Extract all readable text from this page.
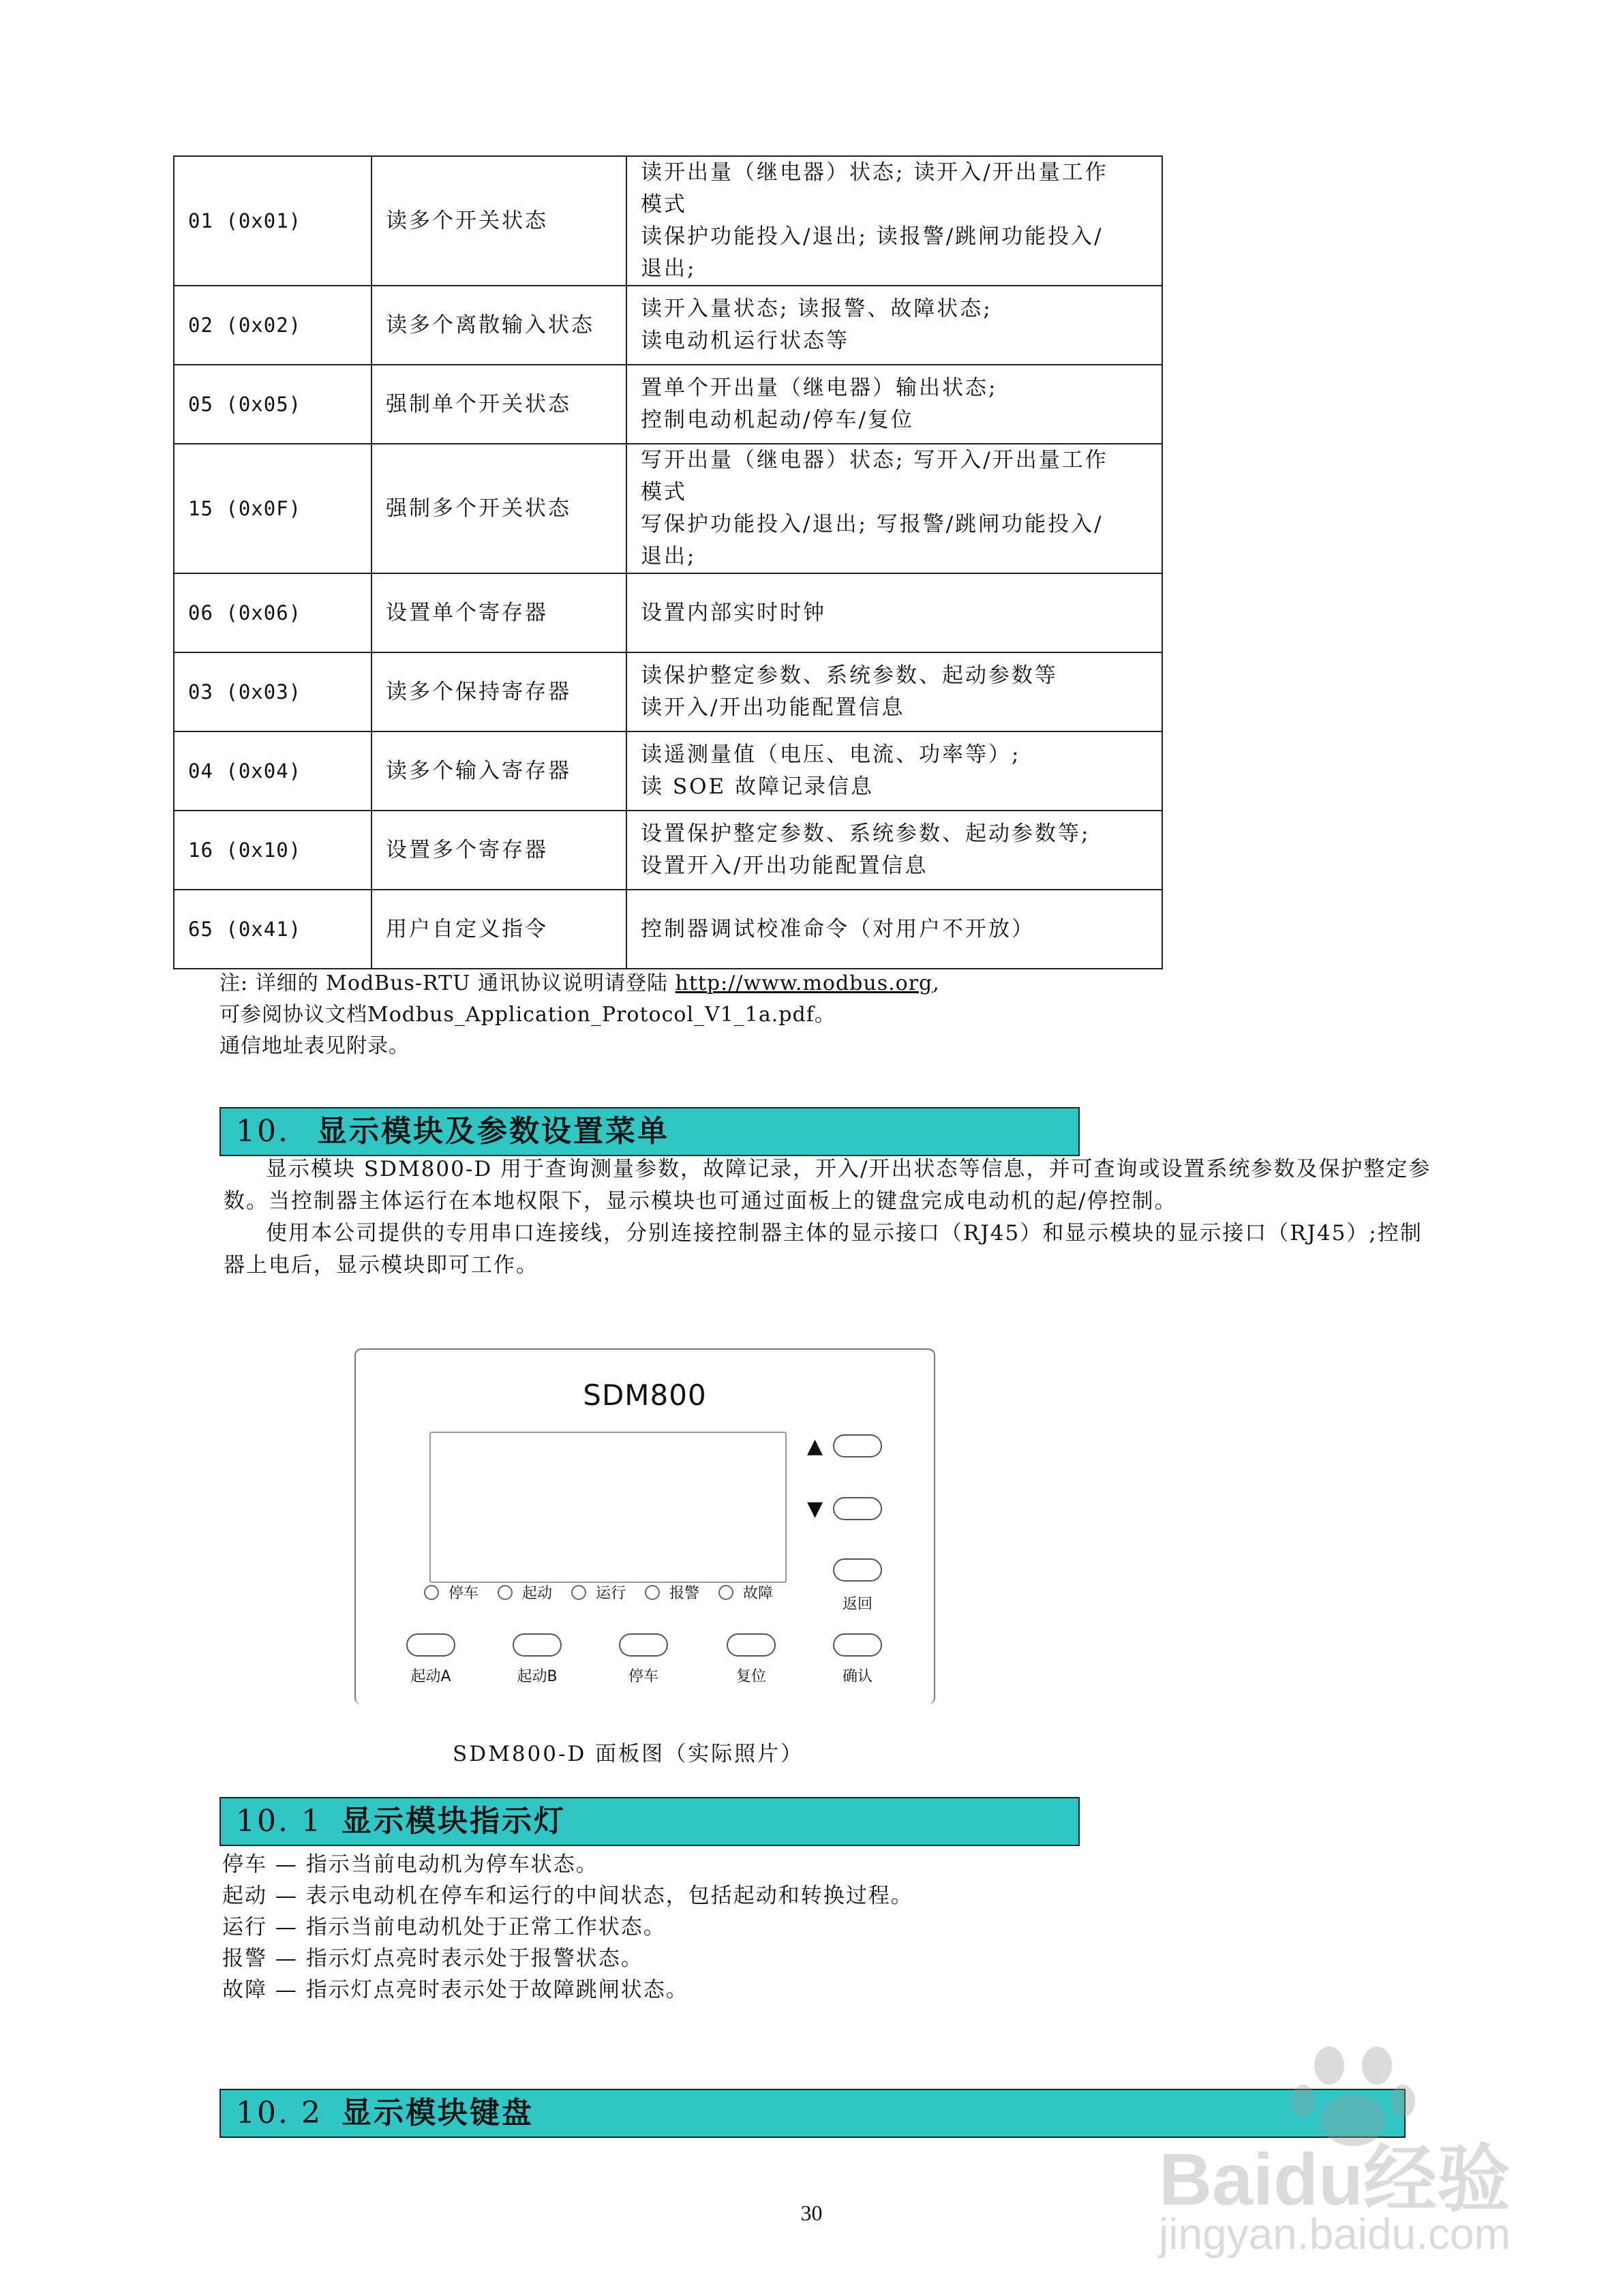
01 (0x01)	读多个开关状态	读开出量（继电器）状态; 读开入/开出量工作
模式
读保护功能投入/退出; 读报警/跳闸功能投入/
退出;

02 (0x02)	读多个离散输入状态	读开入量状态; 读报警、故障状态;
读电动机运行状态等

05 (0x05)	强制单个开关状态	置单个开出量（继电器）输出状态;
控制电动机起动/停车/复位

15 (0x0F)	强制多个开关状态	写开出量（继电器）状态; 写开入/开出量工作
模式
写保护功能投入/退出; 写报警/跳闸功能投入/
退出;

06 (0x06)	设置单个寄存器	设置内部实时时钟

03 (0x03)	读多个保持寄存器	读保护整定参数、系统参数、起动参数等
读开入/开出功能配置信息

04 (0x04)	读多个输入寄存器	读遥测量值（电压、电流、功率等）;
读 SOE 故障记录信息

16 (0x10)	设置多个寄存器	设置保护整定参数、系统参数、起动参数等;
设置开入/开出功能配置信息

65 (0x41)	用户自定义指令	控制器调试校准命令（对用户不开放）
注: 详细的 ModBus-RTU 通讯协议说明请登陆 http://www.modbus.org,
可参阅协议文档Modbus_Application_Protocol_V1_1a.pdf。
通信地址表见附录。
10. 显示模块及参数设置菜单
显示模块 SDM800-D 用于查询测量参数，故障记录，开入/开出状态等信息，并可查询或设置系统参数及保护整定参数。当控制器主体运行在本地权限下，显示模块也可通过面板上的键盘完成电动机的起/停控制。
使用本公司提供的专用串口连接线，分别连接控制器主体的显示接口（RJ45）和显示模块的显示接口（RJ45）;控制器上电后，显示模块即可工作。
SDM800
▲
▼
返回
停车	起动	运行	报警	故障
起动A	起动B	停车	复位	确认
SDM800-D 面板图（实际照片）
10. 1 显示模块指示灯
停车 — 指示当前电动机为停车状态。
起动 — 表示电动机在停车和运行的中间状态，包括起动和转换过程。
运行 — 指示当前电动机处于正常工作状态。
报警 — 指示灯点亮时表示处于报警状态。
故障 — 指示灯点亮时表示处于故障跳闸状态。
10. 2 显示模块键盘
30	Baidu经验
jingyan.baidu.com
